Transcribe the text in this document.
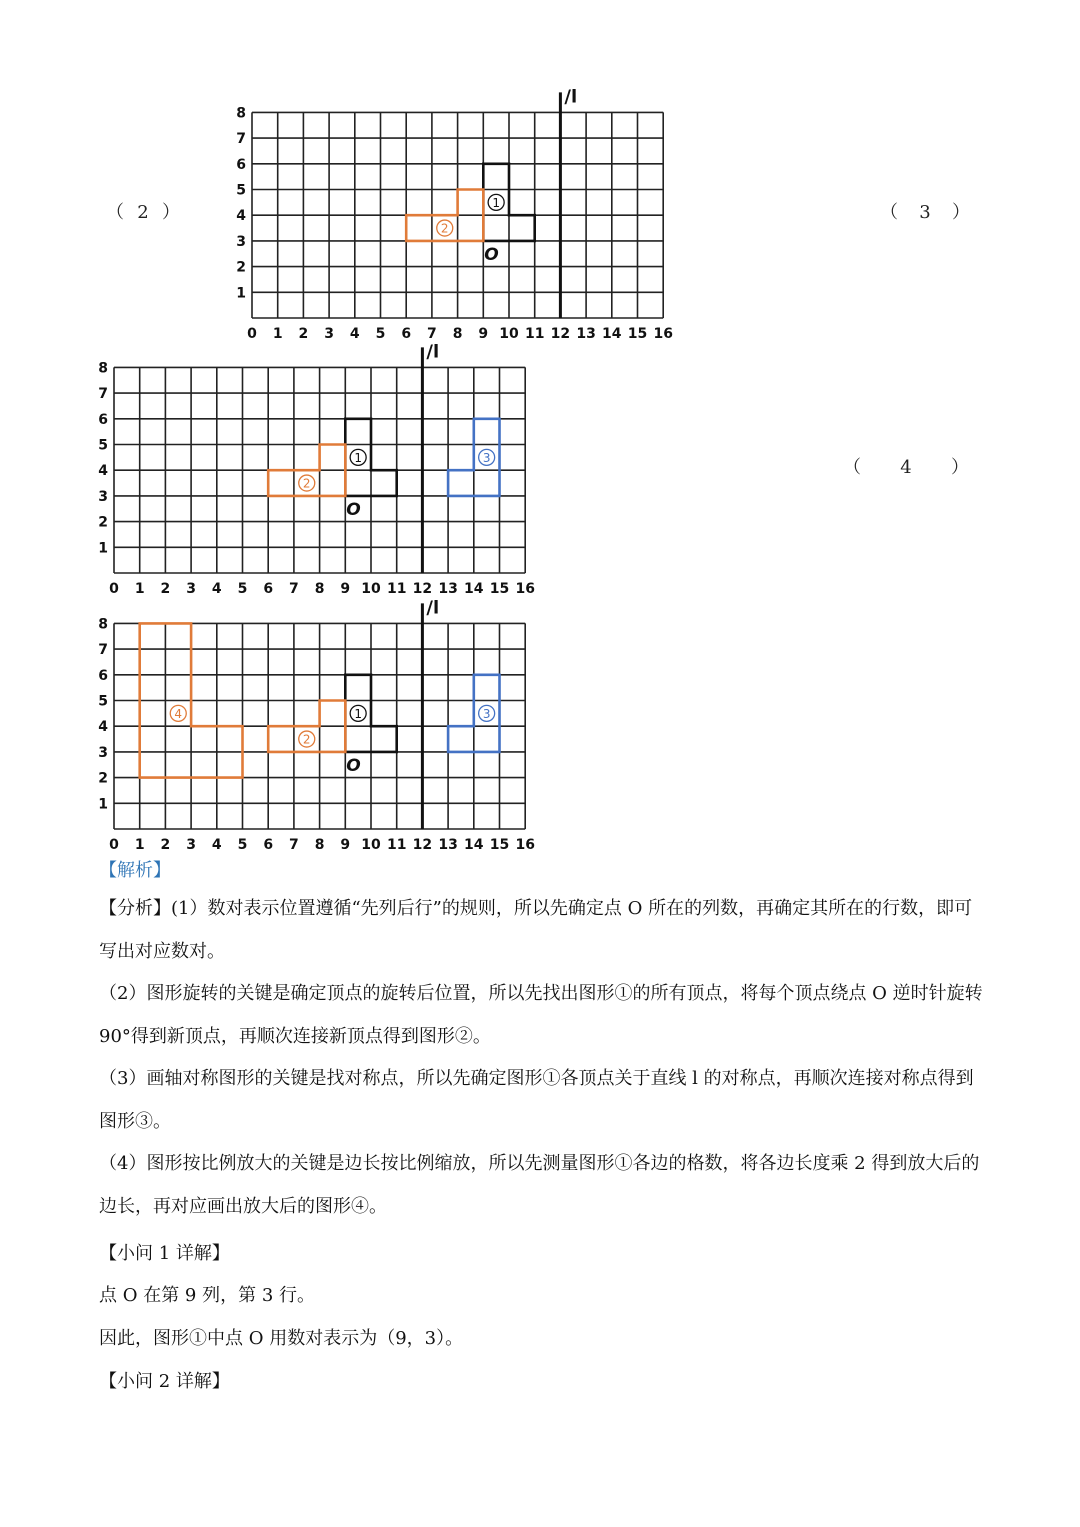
（ 2 ）	（ 3 ）
（ 4 ）
/l
0 1 2 3 4 5 6 7 8 9 10 11 12 13 14 15 16
1
2
3
4
5
6
7
8
1
O
2
/l
0 1 2 3 4 5 6 7 8 9 10 11 12 13 14 15 16
1
2
3
4
5
6
7
8
1
O
2
3
/l
0 1 2 3 4 5 6 7 8 9 10 11 12 13 14 15 16
1
2
3
4
5
6
7
8
1
O
2
3
4
【解析】
【分析】(1）数对表示位置遵循“先列后行”的规则，所以先确定点 O 所在的列数，再确定其所在的行数，即可写出对应数对。
（2）图形旋转的关键是确定顶点的旋转后位置，所以先找出图形①的所有顶点，将每个顶点绕点 O 逆时针旋转 90°得到新顶点，再顺次连接新顶点得到图形②。
（3）画轴对称图形的关键是找对称点，所以先确定图形①各顶点关于直线 l 的对称点，再顺次连接对称点得到图形③。
（4）图形按比例放大的关键是边长按比例缩放，所以先测量图形①各边的格数，将各边长度乘 2 得到放大后的边长，再对应画出放大后的图形④。
【小问 1 详解】
点 O 在第 9 列，第 3 行。
因此，图形①中点 O 用数对表示为（9，3）。
【小问 2 详解】
